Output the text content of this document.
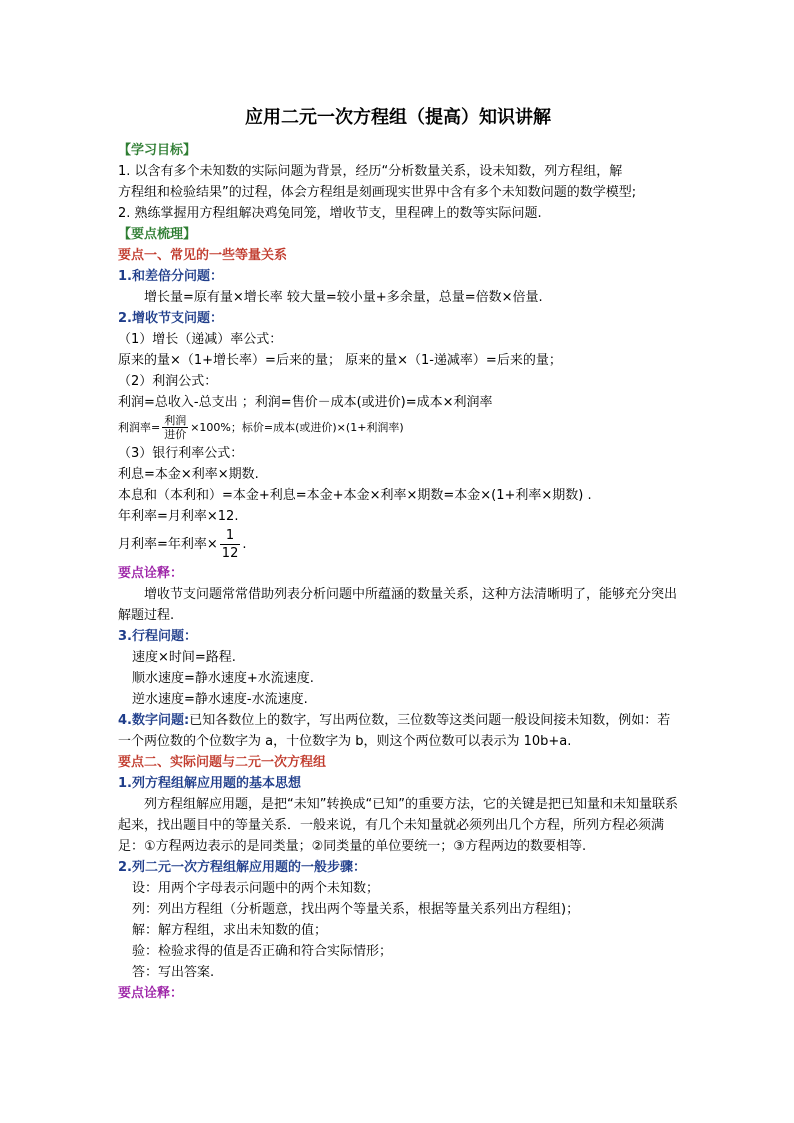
应用二元一次方程组（提高）知识讲解
【学习目标】
1. 以含有多个未知数的实际问题为背景，经历“分析数量关系，设未知数，列方程组，解
方程组和检验结果”的过程，体会方程组是刻画现实世界中含有多个未知数问题的数学模型;
2. 熟练掌握用方程组解决鸡兔同笼，增收节支，里程碑上的数等实际问题.
【要点梳理】
要点一、常见的一些等量关系
1.和差倍分问题：
增长量=原有量×增长率 较大量=较小量+多余量，总量=倍数×倍量.
2.增收节支问题：
（1）增长（递减）率公式：
原来的量×（1+增长率）=后来的量； 原来的量×（1-递减率）=后来的量；
（2）利润公式：
利润=总收入-总支出 ；利润=售价－成本(或进价)=成本×利润率
利润率= $\frac{\text{利润}}{\text{进价}} \times 100\%$；标价=成本(或进价)×(1+利润率)
（3）银行利率公式：
利息=本金×利率×期数.
本息和（本利和）=本金+利息=本金+本金×利率×期数=本金×(1+利率×期数) .
年利率=月利率×12.
月利率=年利率× $\frac{1}{12}$ .
要点诠释：
增收节支问题常常借助列表分析问题中所蕴涵的数量关系，这种方法清晰明了，能够充分突出解题过程.
3.行程问题：
速度×时间=路程.
顺水速度=静水速度+水流速度.
逆水速度=静水速度-水流速度.
4.数字问题:已知各数位上的数字，写出两位数，三位数等这类问题一般设间接未知数，例如：若一个两位数的个位数字为 a，十位数字为 b，则这个两位数可以表示为 10b+a.
要点二、实际问题与二元一次方程组
1.列方程组解应用题的基本思想
列方程组解应用题，是把“未知”转换成“已知”的重要方法，它的关键是把已知量和未知量联系起来，找出题目中的等量关系．一般来说，有几个未知量就必须列出几个方程，所列方程必须满足：①方程两边表示的是同类量；②同类量的单位要统一；③方程两边的数要相等.
2.列二元一次方程组解应用题的一般步骤：
设：用两个字母表示问题中的两个未知数；
列：列出方程组（分析题意，找出两个等量关系，根据等量关系列出方程组)；
解：解方程组，求出未知数的值；
验：检验求得的值是否正确和符合实际情形；
答：写出答案.
要点诠释：
